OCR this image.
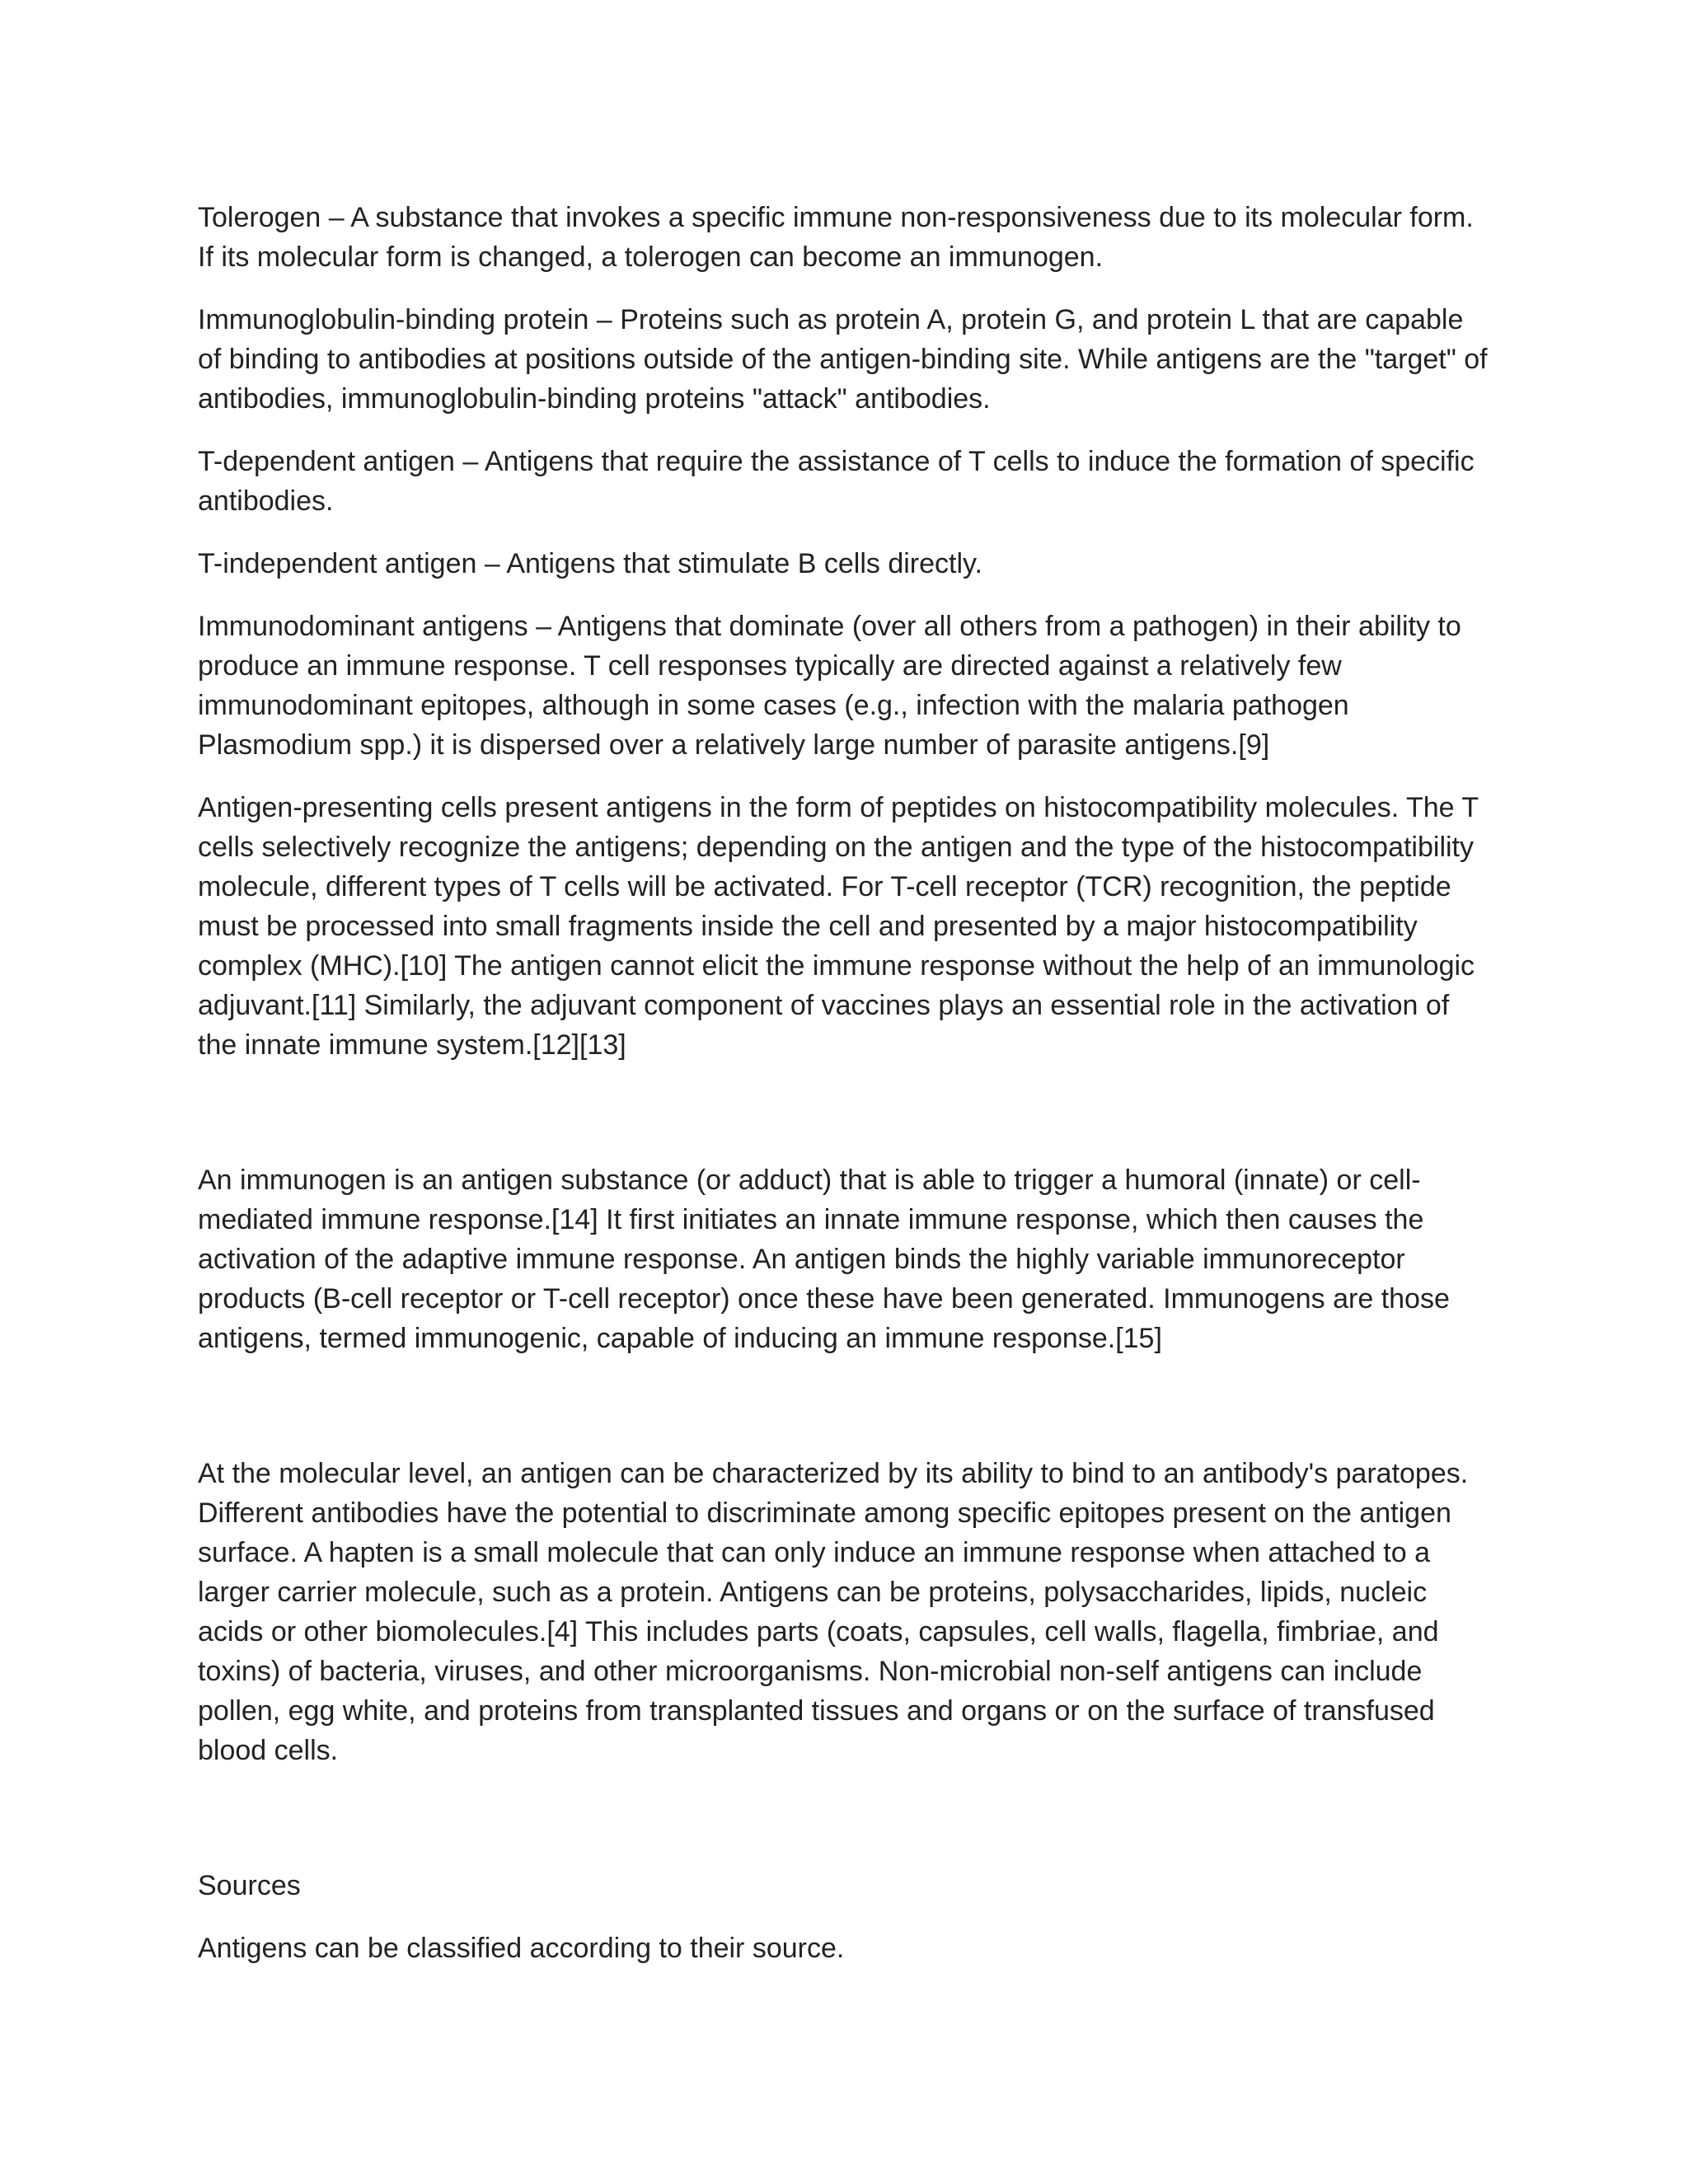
Tolerogen – A substance that invokes a specific immune non-responsiveness due to its molecular form. If its molecular form is changed, a tolerogen can become an immunogen.

Immunoglobulin-binding protein – Proteins such as protein A, protein G, and protein L that are capable of binding to antibodies at positions outside of the antigen-binding site. While antigens are the "target" of antibodies, immunoglobulin-binding proteins "attack" antibodies.

T-dependent antigen – Antigens that require the assistance of T cells to induce the formation of specific antibodies.

T-independent antigen – Antigens that stimulate B cells directly.

Immunodominant antigens – Antigens that dominate (over all others from a pathogen) in their ability to produce an immune response. T cell responses typically are directed against a relatively few immunodominant epitopes, although in some cases (e.g., infection with the malaria pathogen Plasmodium spp.) it is dispersed over a relatively large number of parasite antigens.[9]

Antigen-presenting cells present antigens in the form of peptides on histocompatibility molecules. The T cells selectively recognize the antigens; depending on the antigen and the type of the histocompatibility molecule, different types of T cells will be activated. For T-cell receptor (TCR) recognition, the peptide must be processed into small fragments inside the cell and presented by a major histocompatibility complex (MHC).[10] The antigen cannot elicit the immune response without the help of an immunologic adjuvant.[11] Similarly, the adjuvant component of vaccines plays an essential role in the activation of the innate immune system.[12][13]

An immunogen is an antigen substance (or adduct) that is able to trigger a humoral (innate) or cell-mediated immune response.[14] It first initiates an innate immune response, which then causes the activation of the adaptive immune response. An antigen binds the highly variable immunoreceptor products (B-cell receptor or T-cell receptor) once these have been generated. Immunogens are those antigens, termed immunogenic, capable of inducing an immune response.[15]

At the molecular level, an antigen can be characterized by its ability to bind to an antibody's paratopes. Different antibodies have the potential to discriminate among specific epitopes present on the antigen surface. A hapten is a small molecule that can only induce an immune response when attached to a larger carrier molecule, such as a protein. Antigens can be proteins, polysaccharides, lipids, nucleic acids or other biomolecules.[4] This includes parts (coats, capsules, cell walls, flagella, fimbriae, and toxins) of bacteria, viruses, and other microorganisms. Non-microbial non-self antigens can include pollen, egg white, and proteins from transplanted tissues and organs or on the surface of transfused blood cells.

Sources

Antigens can be classified according to their source.
